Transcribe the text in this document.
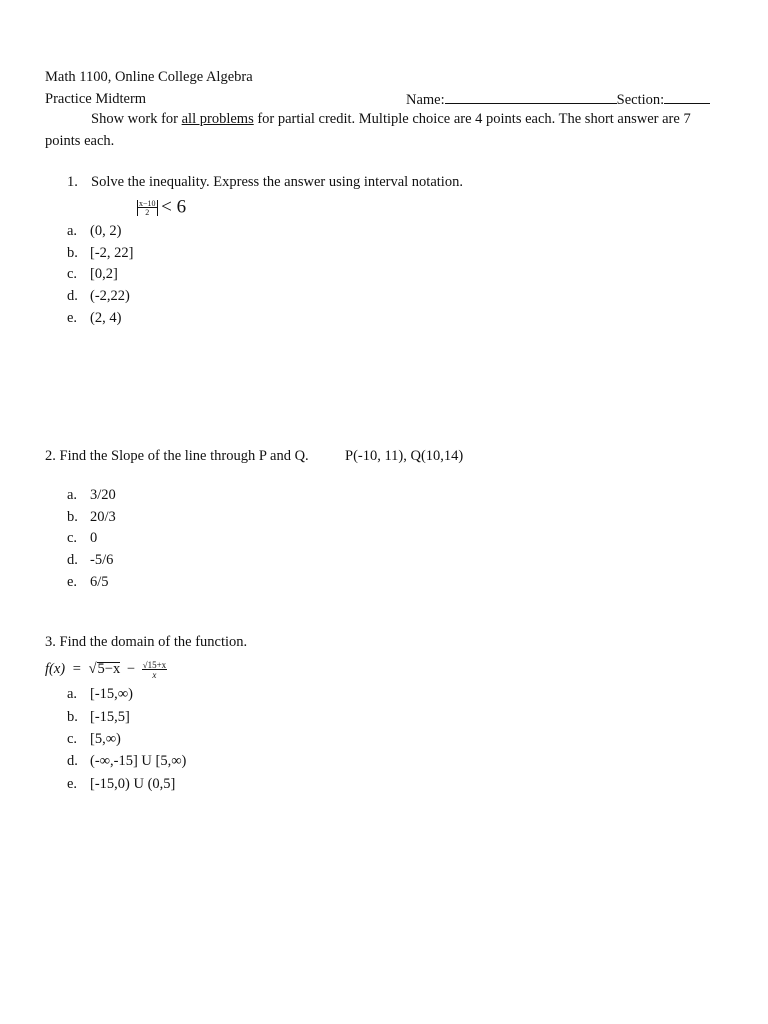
Math 1100, Online College Algebra
Practice Midterm	Name:	Section:
Show work for all problems for partial credit. Multiple choice are 4 points each. The short answer are 7
points each.
1. Solve the inequality. Express the answer using interval notation.
$\frac{x-10}{2} < 6$
a. (0, 2)
b. [-2, 22]
c. [0,2]
d. (-2,22)
e. (2, 4)
2. Find the Slope of the line through P and Q.	P(-10, 11), Q(10,14)
a. 3/20
b. 20/3
c. 0
d. -5/6
e. 6/5
3. Find the domain of the function.
$f(x) = √5-x - \frac{√15+x}{x}$
a. [-15,∞)
b. [-15,5]
c. [5,∞)
d. (-∞,-15] U [5,∞)
e. [-15,0) U (0,5]
